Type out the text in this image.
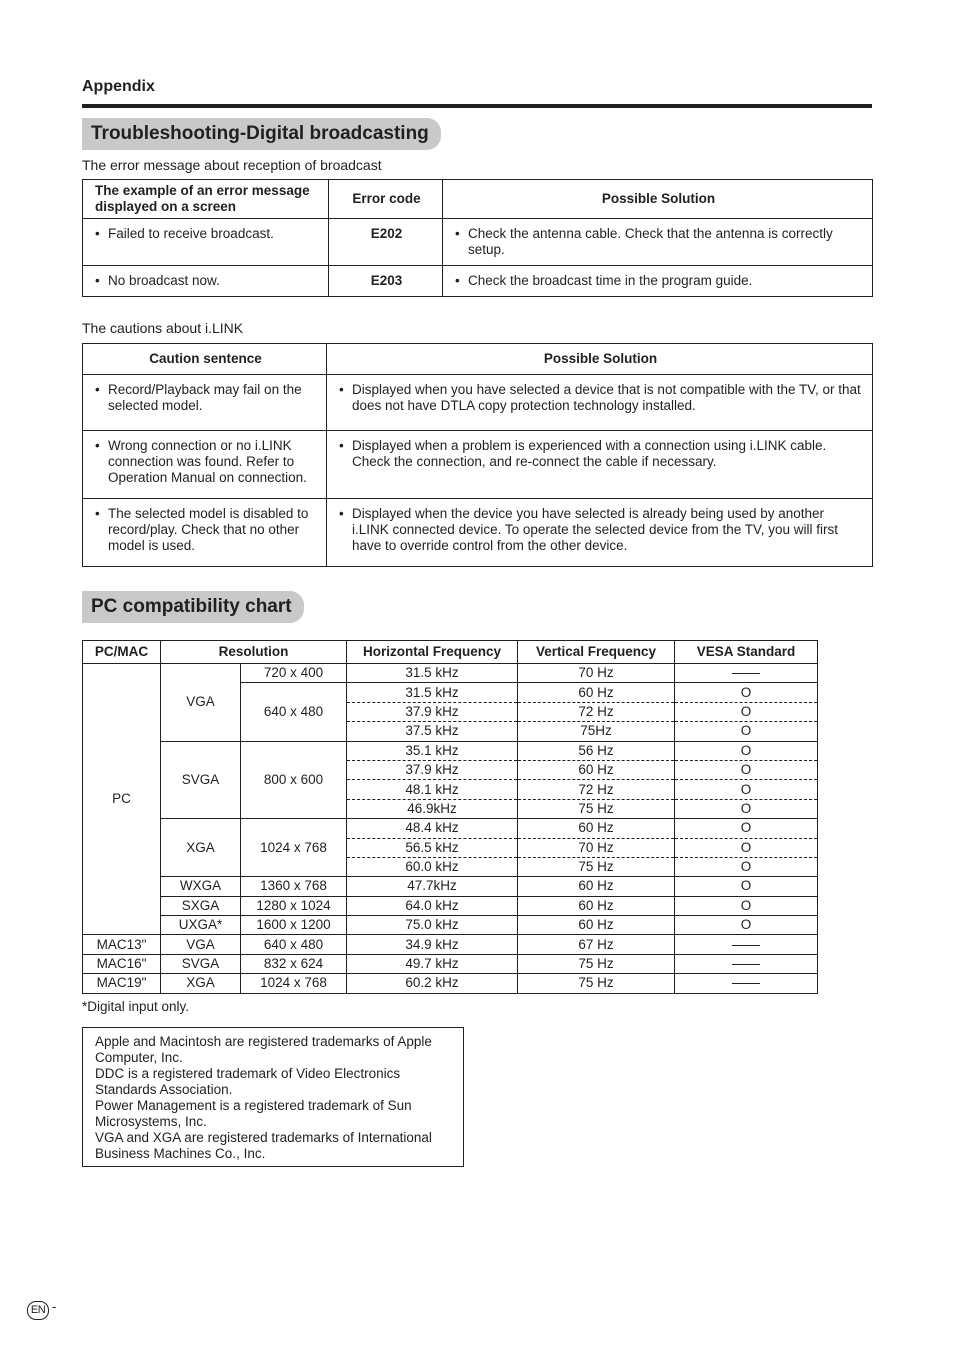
Appendix
Troubleshooting-Digital broadcasting
The error message about reception of broadcast
The example of an error message displayed on a screen	Error code	Possible Solution

• Failed to receive broadcast.	E202	• Check the antenna cable. Check that the antenna is correctly setup.

• No broadcast now.	E203	• Check the broadcast time in the program guide.
The cautions about i.LINK
Caution sentence	Possible Solution

• Record/Playback may fail on the selected model.	• Displayed when you have selected a device that is not compatible with the TV, or that does not have DTLA copy protection technology installed.

• Wrong connection or no i.LINK connection was found. Refer to Operation Manual on connection.	• Displayed when a problem is experienced with a connection using i.LINK cable. Check the connection, and re-connect the cable if necessary.

• The selected model is disabled to record/play. Check that no other model is used.	• Displayed when the device you have selected is already being used by another i.LINK connected device. To operate the selected device from the TV, you will first have to override control from the other device.
PC compatibility chart
PC/MAC	Resolution		Horizontal Frequency	Vertical Frequency	VESA Standard
PC	VGA	720 x 400	31.5 kHz	70 Hz	
		640 x 480	31.5 kHz	60 Hz	O
			37.9 kHz	72 Hz	O
			37.5 kHz	75Hz	O
	SVGA	800 x 600	35.1 kHz	56 Hz	O
			37.9 kHz	60 Hz	O
			48.1 kHz	72 Hz	O
			46.9kHz	75 Hz	O
	XGA	1024 x 768	48.4 kHz	60 Hz	O
			56.5 kHz	70 Hz	O
			60.0 kHz	75 Hz	O
	WXGA	1360 x 768	47.7kHz	60 Hz	O
	SXGA	1280 x 1024	64.0 kHz	60 Hz	O
	UXGA*	1600 x 1200	75.0 kHz	60 Hz	O
MAC13"	VGA	640 x 480	34.9 kHz	67 Hz	
MAC16"	SVGA	832 x 624	49.7 kHz	75 Hz	
MAC19"	XGA	1024 x 768	60.2 kHz	75 Hz	
*Digital input only.
Apple and Macintosh are registered trademarks of Apple Computer, Inc.
DDC is a registered trademark of Video Electronics Standards Association.
Power Management is a registered trademark of Sun Microsystems, Inc.
VGA and XGA are registered trademarks of International Business Machines Co., Inc.
EN -
